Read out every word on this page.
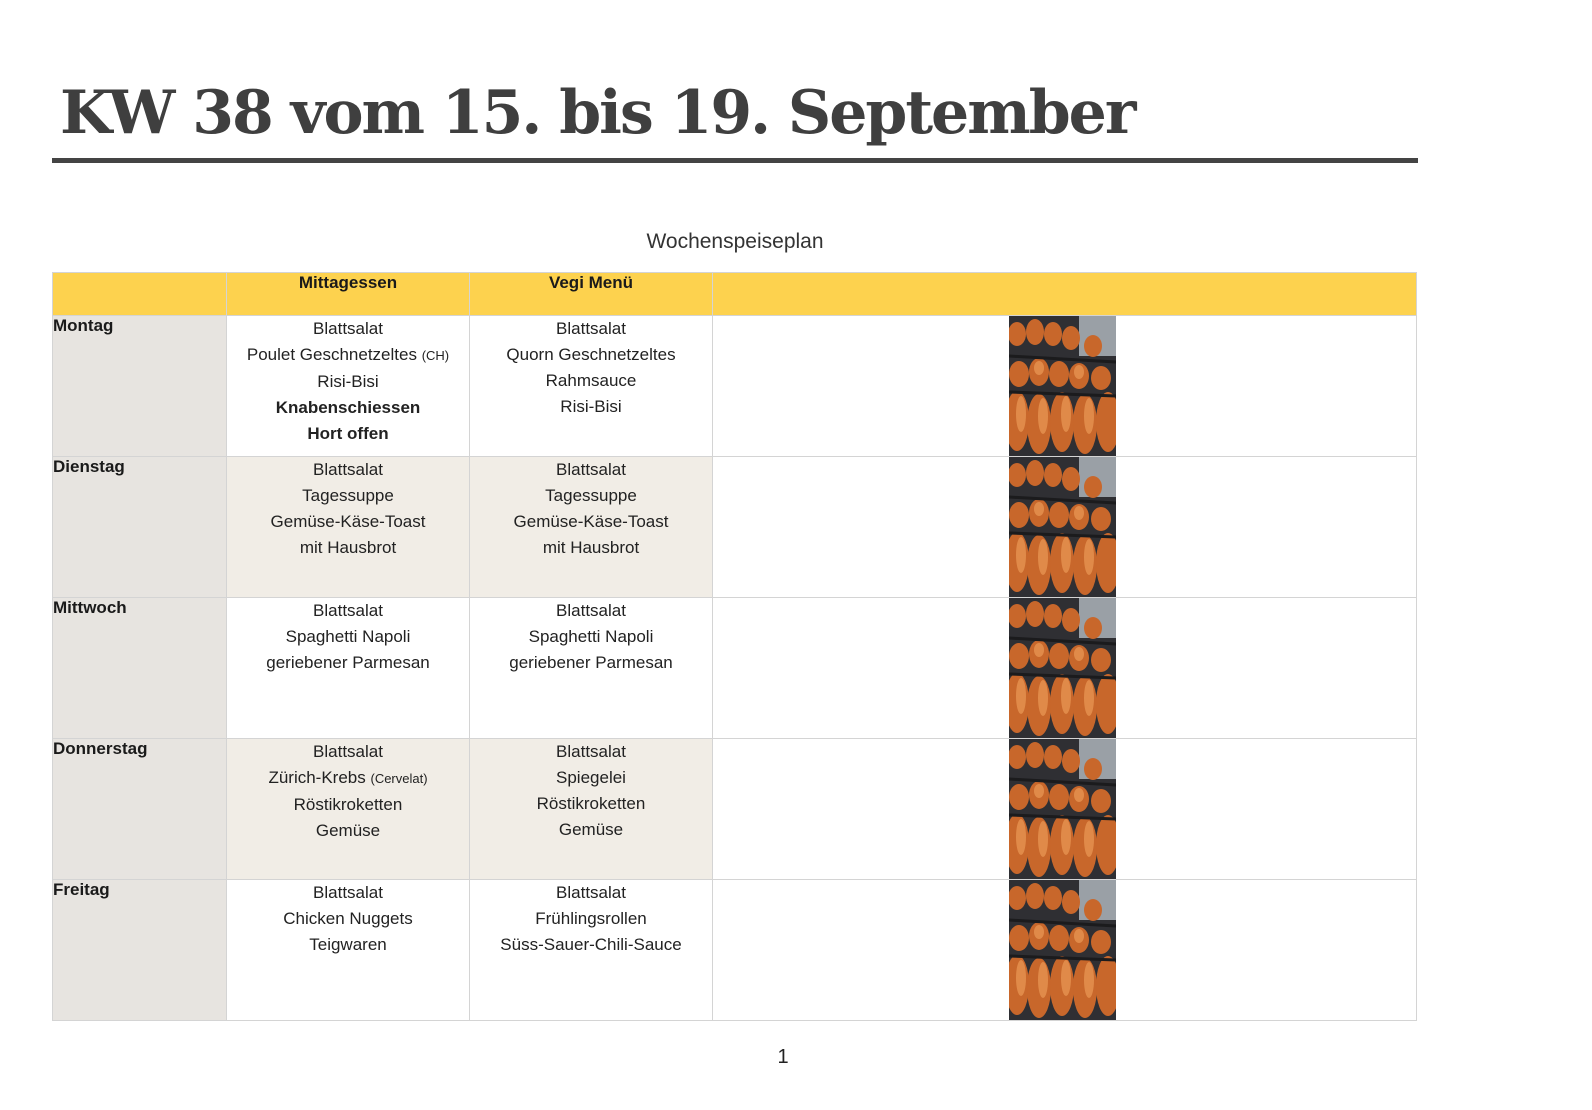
KW 38 vom 15. bis 19. September
Wochenspeiseplan
	Mittagessen	Vegi Menü	
Montag	Blattsalat
Poulet Geschnetzeltes (CH)
Risi-Bisi
Knabenschiessen
Hort offen	Blattsalat
Quorn Geschnetzeltes
Rahmsauce
Risi-Bisi

Dienstag	Blattsalat
Tagessuppe
Gemüse-Käse-Toast
mit Hausbrot	Blattsalat
Tagessuppe
Gemüse-Käse-Toast
mit Hausbrot

Mittwoch	Blattsalat
Spaghetti Napoli
geriebener Parmesan	Blattsalat
Spaghetti Napoli
geriebener Parmesan

Donnerstag	Blattsalat
Zürich-Krebs (Cervelat)
Röstikroketten
Gemüse	Blattsalat
Spiegelei
Röstikroketten
Gemüse

Freitag	Blattsalat
Chicken Nuggets
Teigwaren	Blattsalat
Frühlingsrollen
Süss-Sauer-Chili-Sauce

1
